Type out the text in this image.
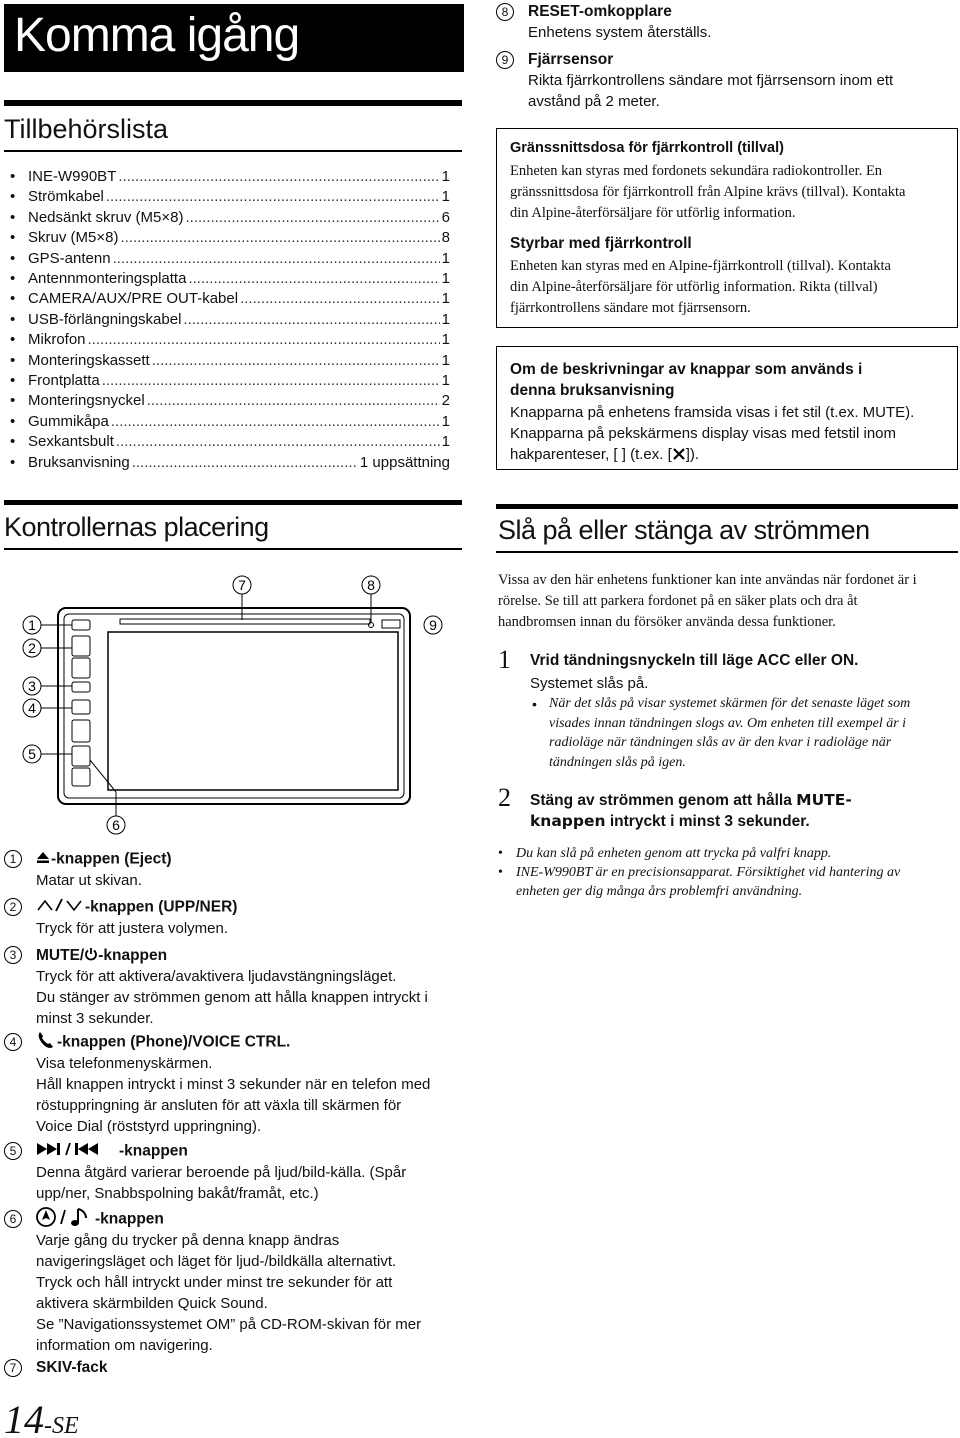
Komma igång
Tillbehörslista
• INE-W990BT .....	1
• Strömkabel .....	1
• Nedsänkt skruv (M5×8) .....	6
• Skruv (M5×8) .....	8
• GPS-antenn .....	1
• Antennmonteringsplatta .....	1
• CAMERA/AUX/PRE OUT-kabel .....	1
• USB-förlängningskabel .....	1
• Mikrofon .....	1
• Monteringskassett .....	1
• Frontplatta .....	1
• Monteringsnyckel .....	2
• Gummikåpa .....	1
• Sexkantsbult .....	1
• Bruksanvisning .....	1 uppsättning
Kontrollernas placering
7	8
9
1
2
3
4
5
6
1	-knappen (Eject)
Matar ut skivan.
2	-knappen (UPP/NER)
Tryck för att justera volymen.
3	MUTE/ -knappen
Tryck för att aktivera/avaktivera ljudavstängningsläget.
Du stänger av strömmen genom att hålla knappen intryckt i
minst 3 sekunder.
4	-knappen (Phone)/VOICE CTRL.
Visa telefonmenyskärmen.
Håll knappen intryckt i minst 3 sekunder när en telefon med
röstuppringning är ansluten för att växla till skärmen för
Voice Dial (röststyrd uppringning).
5	-knappen
Denna åtgärd varierar beroende på ljud/bild-källa. (Spår
upp/ner, Snabbspolning bakåt/framåt, etc.)
6	-knappen
Varje gång du trycker på denna knapp ändras
navigeringsläget och läget för ljud-/bildkälla alternativt.
Tryck och håll intryckt under minst tre sekunder för att
aktivera skärmbilden Quick Sound.
Se ”Navigationssystemet OM” på CD-ROM-skivan för mer
information om navigering.
7	SKIV-fack
8	RESET-omkopplare
Enhetens system återställs.
9	Fjärrsensor
Rikta fjärrkontrollens sändare mot fjärrsensorn inom ett
avstånd på 2 meter.
Gränssnittsdosa för fjärrkontroll (tillval)
Enheten kan styras med fordonets sekundära radiokontroller. En
gränssnittsdosa för fjärrkontroll från Alpine krävs (tillval). Kontakta
din Alpine-återförsäljare för utförlig information.
Styrbar med fjärrkontroll
Enheten kan styras med en Alpine-fjärrkontroll (tillval). Kontakta
din Alpine-återförsäljare för utförlig information. Rikta (tillval)
fjärrkontrollens sändare mot fjärrsensorn.
Om de beskrivningar av knappar som används i
denna bruksanvisning
Knapparna på enhetens framsida visas i fet stil (t.ex. MUTE).
Knapparna på pekskärmens display visas med fetstil inom
hakparenteser, [ ] (t.ex. [ ]).
Slå på eller stänga av strömmen
Vissa av den här enhetens funktioner kan inte användas när fordonet är i
rörelse. Se till att parkera fordonet på en säker plats och dra åt
handbromsen innan du försöker använda dessa funktioner.
1 Vrid tändningsnyckeln till läge ACC eller ON.
Systemet slås på.
• När det slås på visar systemet skärmen för det senaste läget som
visades innan tändningen slogs av. Om enheten till exempel är i
radioläge när tändningen slås av är den kvar i radioläge när
tändningen slås på igen.
2 Stäng av strömmen genom att hålla MUTE-
knappen intryckt i minst 3 sekunder.
• Du kan slå på enheten genom att trycka på valfri knapp.
• INE-W990BT är en precisionsapparat. Försiktighet vid hantering av
enheten ger dig många års problemfri användning.
14-SE
